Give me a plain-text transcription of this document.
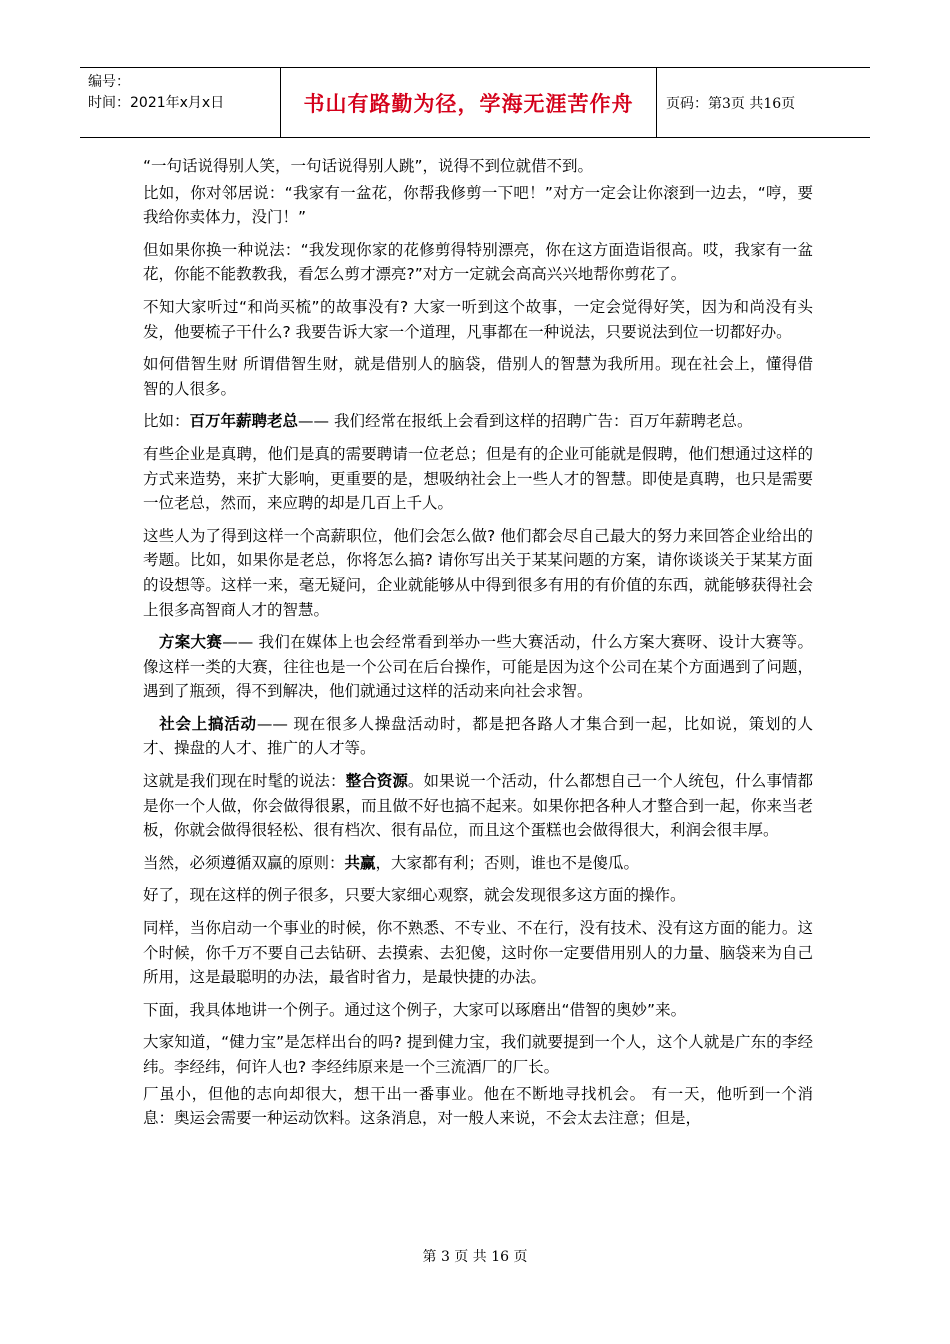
编号：
时间：2021年x月x日	书山有路勤为径，学海无涯苦作舟	页码：第3页 共16页

“一句话说得别人笑，一句话说得别人跳”，说得不到位就借不到。

比如，你对邻居说：“我家有一盆花，你帮我修剪一下吧！”对方一定会让你滚到一边去，“哼，要我给你卖体力，没门！”

但如果你换一种说法：“我发现你家的花修剪得特别漂亮，你在这方面造诣很高。哎，我家有一盆花，你能不能教教我，看怎么剪才漂亮?”对方一定就会高高兴兴地帮你剪花了。

不知大家听过“和尚买梳”的故事没有? 大家一听到这个故事，一定会觉得好笑，因为和尚没有头发，他要梳子干什么? 我要告诉大家一个道理，凡事都在一种说法，只要说法到位一切都好办。

如何借智生财 所谓借智生财，就是借别人的脑袋，借别人的智慧为我所用。现在社会上，懂得借智的人很多。

比如：百万年薪聘老总—— 我们经常在报纸上会看到这样的招聘广告：百万年薪聘老总。

有些企业是真聘，他们是真的需要聘请一位老总；但是有的企业可能就是假聘，他们想通过这样的方式来造势，来扩大影响，更重要的是，想吸纳社会上一些人才的智慧。即使是真聘，也只是需要一位老总，然而，来应聘的却是几百上千人。

这些人为了得到这样一个高薪职位，他们会怎么做? 他们都会尽自己最大的努力来回答企业给出的考题。比如，如果你是老总，你将怎么搞? 请你写出关于某某问题的方案，请你谈谈关于某某方面的设想等。这样一来，毫无疑问，企业就能够从中得到很多有用的有价值的东西，就能够获得社会上很多高智商人才的智慧。

 方案大赛—— 我们在媒体上也会经常看到举办一些大赛活动，什么方案大赛呀、设计大赛等。像这样一类的大赛，往往也是一个公司在后台操作，可能是因为这个公司在某个方面遇到了问题，遇到了瓶颈，得不到解决，他们就通过这样的活动来向社会求智。

 社会上搞活动—— 现在很多人操盘活动时，都是把各路人才集合到一起，比如说，策划的人才、操盘的人才、推广的人才等。

这就是我们现在时髦的说法：整合资源。如果说一个活动，什么都想自己一个人统包，什么事情都是你一个人做，你会做得很累，而且做不好也搞不起来。如果你把各种人才整合到一起，你来当老板，你就会做得很轻松、很有档次、很有品位，而且这个蛋糕也会做得很大，利润会很丰厚。

当然，必须遵循双赢的原则：共赢，大家都有利；否则，谁也不是傻瓜。

好了，现在这样的例子很多，只要大家细心观察，就会发现很多这方面的操作。

同样，当你启动一个事业的时候，你不熟悉、不专业、不在行，没有技术、没有这方面的能力。这个时候，你千万不要自己去钻研、去摸索、去犯傻，这时你一定要借用别人的力量、脑袋来为自己所用，这是最聪明的办法，最省时省力，是最快捷的办法。

下面，我具体地讲一个例子。通过这个例子，大家可以琢磨出“借智的奥妙”来。

大家知道，“健力宝”是怎样出台的吗? 提到健力宝，我们就要提到一个人，这个人就是广东的李经纬。李经纬，何许人也? 李经纬原来是一个三流酒厂的厂长。

厂虽小，但他的志向却很大，想干出一番事业。他在不断地寻找机会。 有一天，他听到一个消息：奥运会需要一种运动饮料。这条消息，对一般人来说，不会太去注意；但是，

第 3 页 共 16 页
